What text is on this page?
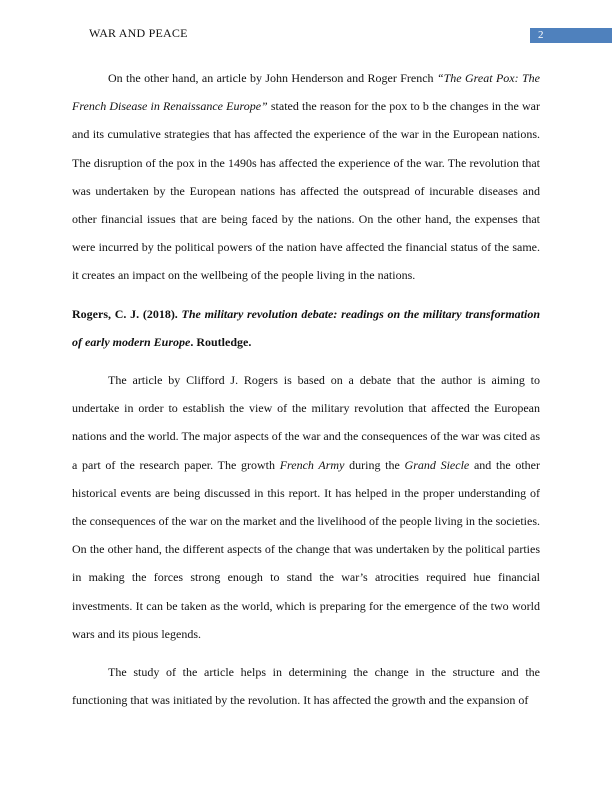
WAR AND PEACE	2

On the other hand, an article by John Henderson and Roger French “The Great Pox: The French Disease in Renaissance Europe” stated the reason for the pox to b the changes in the war and its cumulative strategies that has affected the experience of the war in the European nations. The disruption of the pox in the 1490s has affected the experience of the war. The revolution that was undertaken by the European nations has affected the outspread of incurable diseases and other financial issues that are being faced by the nations. On the other hand, the expenses that were incurred by the political powers of the nation have affected the financial status of the same. it creates an impact on the wellbeing of the people living in the nations.

Rogers, C. J. (2018). The military revolution debate: readings on the military transformation of early modern Europe. Routledge.

The article by Clifford J. Rogers is based on a debate that the author is aiming to undertake in order to establish the view of the military revolution that affected the European nations and the world. The major aspects of the war and the consequences of the war was cited as a part of the research paper. The growth French Army during the Grand Siecle and the other historical events are being discussed in this report. It has helped in the proper understanding of the consequences of the war on the market and the livelihood of the people living in the societies. On the other hand, the different aspects of the change that was undertaken by the political parties in making the forces strong enough to stand the war’s atrocities required hue financial investments. It can be taken as the world, which is preparing for the emergence of the two world wars and its pious legends.

The study of the article helps in determining the change in the structure and the functioning that was initiated by the revolution. It has affected the growth and the expansion of
